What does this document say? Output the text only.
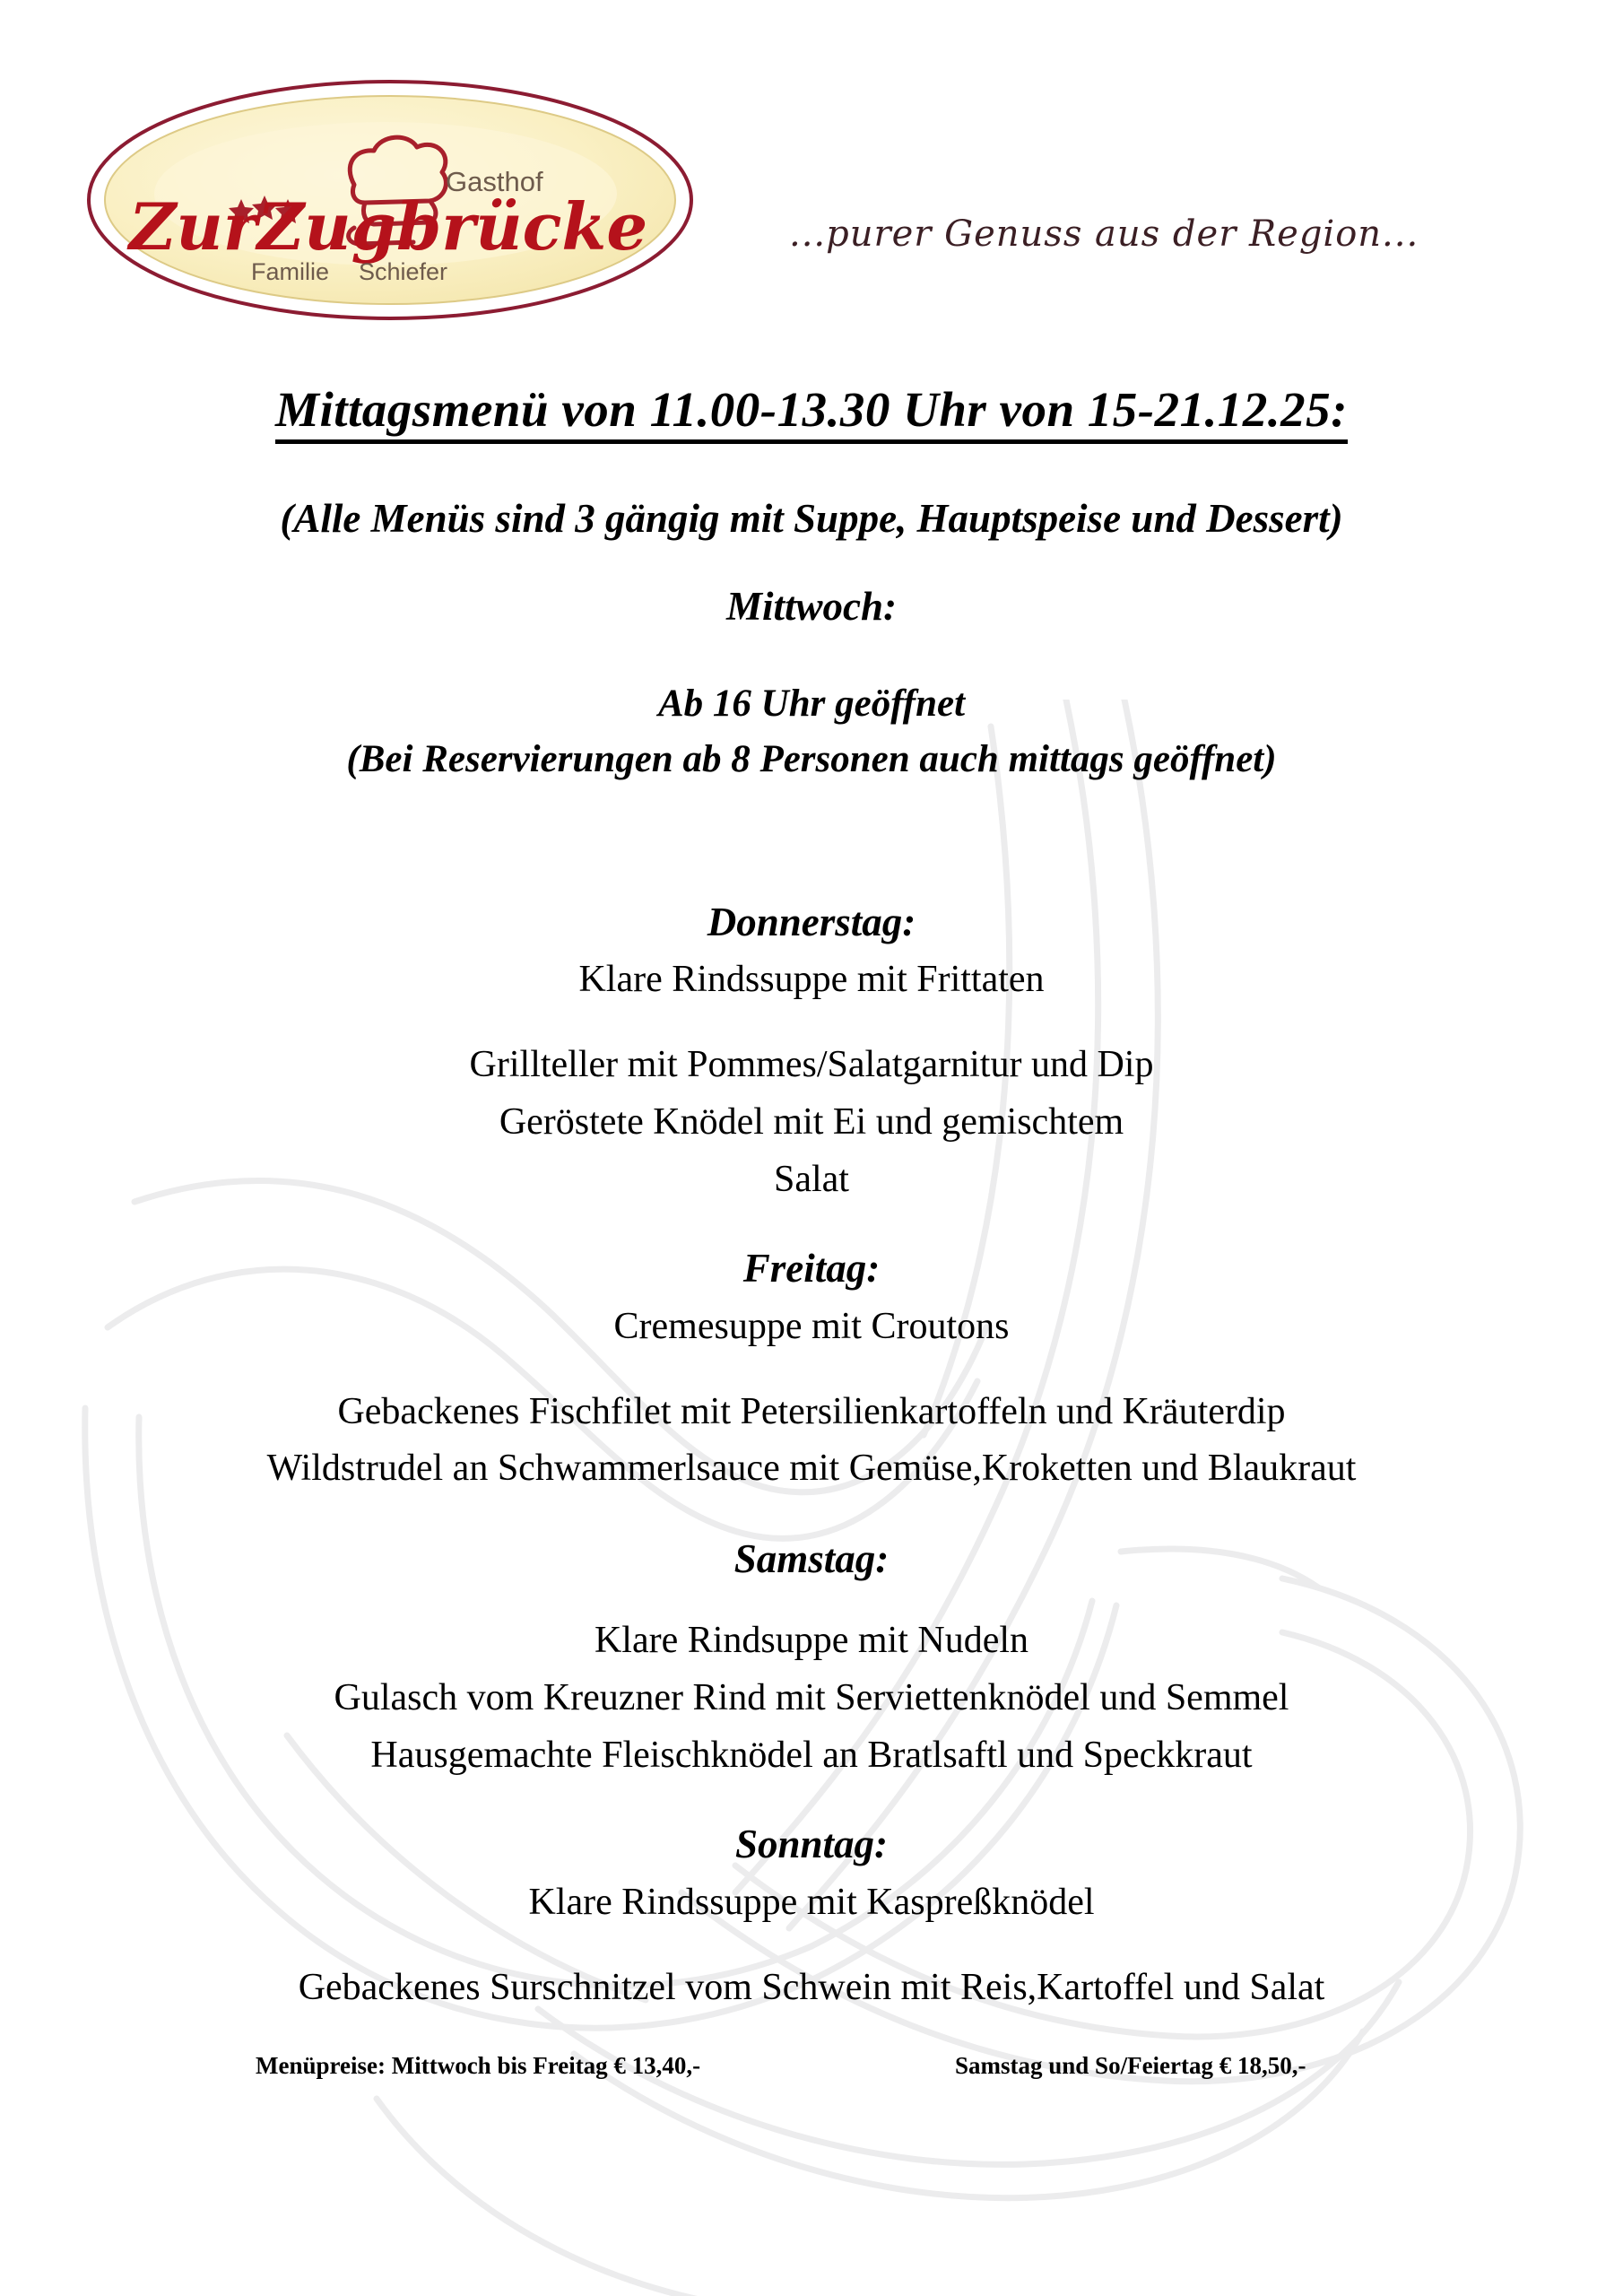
Gasthof
ZurZugbrücke
Familie Schiefer
...purer Genuss aus der Region...
Mittagsmenü von 11.00-13.30 Uhr von 15-21.12.25:
(Alle Menüs sind 3 gängig mit Suppe, Hauptspeise und Dessert)
Mittwoch:
Ab 16 Uhr geöffnet
(Bei Reservierungen ab 8 Personen auch mittags geöffnet)
Donnerstag:
Klare Rindssuppe mit Frittaten
Grillteller mit Pommes/Salatgarnitur und Dip
Geröstete Knödel mit Ei und gemischtem
Salat
Freitag:
Cremesuppe mit Croutons
Gebackenes Fischfilet mit Petersilienkartoffeln und Kräuterdip
Wildstrudel an Schwammerlsauce mit Gemüse,Kroketten und Blaukraut
Samstag:
Klare Rindsuppe mit Nudeln
Gulasch vom Kreuzner Rind mit Serviettenknödel und Semmel
Hausgemachte Fleischknödel an Bratlsaftl und Speckkraut
Sonntag:
Klare Rindssuppe mit Kaspreßknödel
Gebackenes Surschnitzel vom Schwein mit Reis,Kartoffel und Salat
Menüpreise: Mittwoch bis Freitag € 13,40,-	Samstag und So/Feiertag € 18,50,-
